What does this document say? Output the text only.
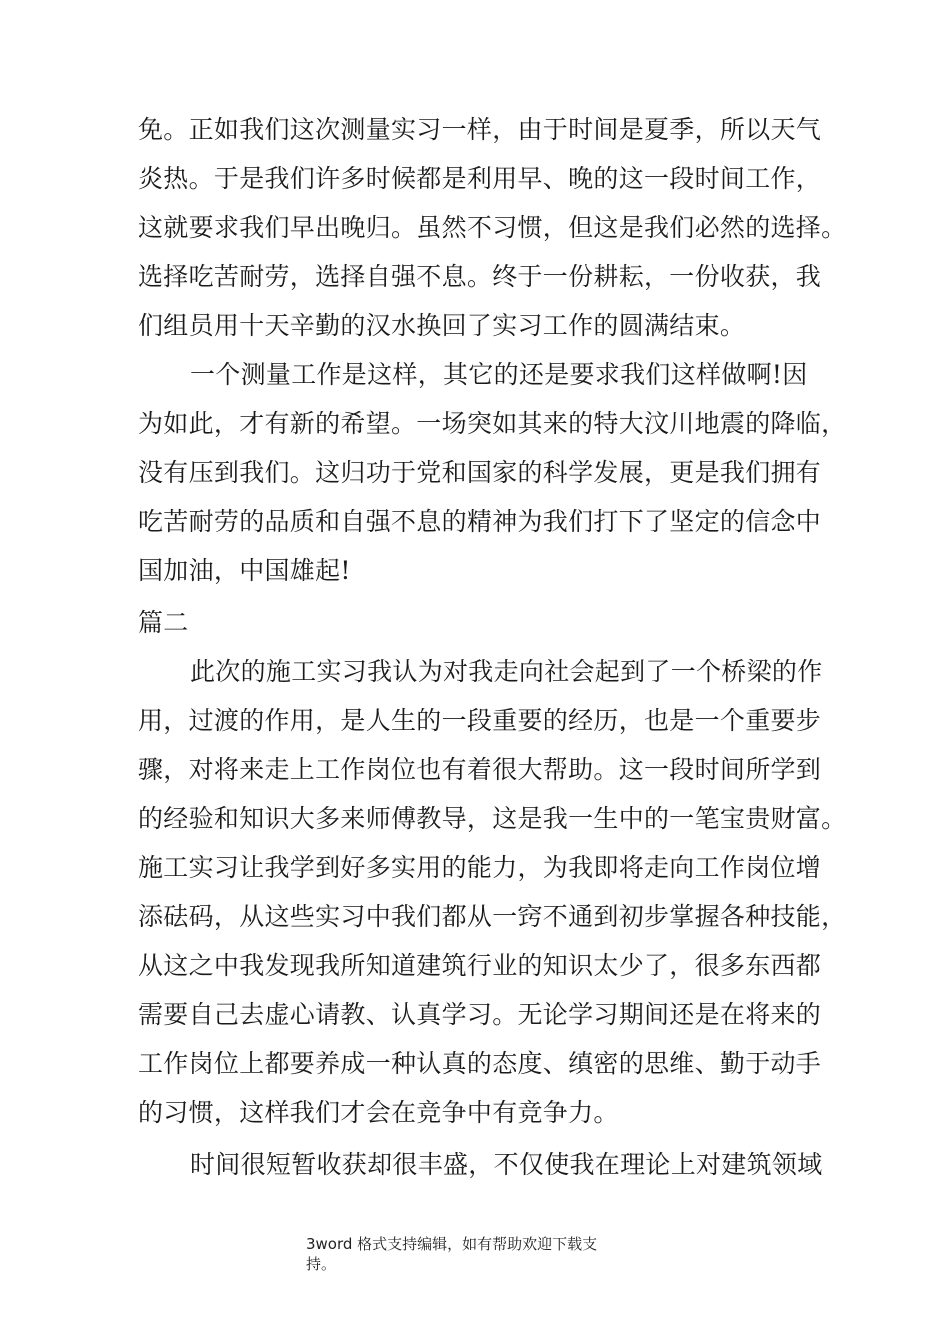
免。正如我们这次测量实习一样，由于时间是夏季，所以天气
炎热。于是我们许多时候都是利用早、晚的这一段时间工作，
这就要求我们早出晚归。虽然不习惯，但这是我们必然的选择。
选择吃苦耐劳，选择自强不息。终于一份耕耘，一份收获，我
们组员用十天辛勤的汉水换回了实习工作的圆满结束。
一个测量工作是这样，其它的还是要求我们这样做啊!因
为如此，才有新的希望。一场突如其来的特大汶川地震的降临，
没有压到我们。这归功于党和国家的科学发展，更是我们拥有
吃苦耐劳的品质和自强不息的精神为我们打下了坚定的信念中
国加油，中国雄起!
篇二
此次的施工实习我认为对我走向社会起到了一个桥梁的作
用，过渡的作用，是人生的一段重要的经历，也是一个重要步
骤，对将来走上工作岗位也有着很大帮助。这一段时间所学到
的经验和知识大多来师傅教导，这是我一生中的一笔宝贵财富。
施工实习让我学到好多实用的能力，为我即将走向工作岗位增
添砝码，从这些实习中我们都从一窍不通到初步掌握各种技能，
从这之中我发现我所知道建筑行业的知识太少了，很多东西都
需要自己去虚心请教、认真学习。无论学习期间还是在将来的
工作岗位上都要养成一种认真的态度、缜密的思维、勤于动手
的习惯，这样我们才会在竞争中有竞争力。
时间很短暂收获却很丰盛，不仅使我在理论上对建筑领域
3word 格式支持编辑，如有帮助欢迎下载支
持。
